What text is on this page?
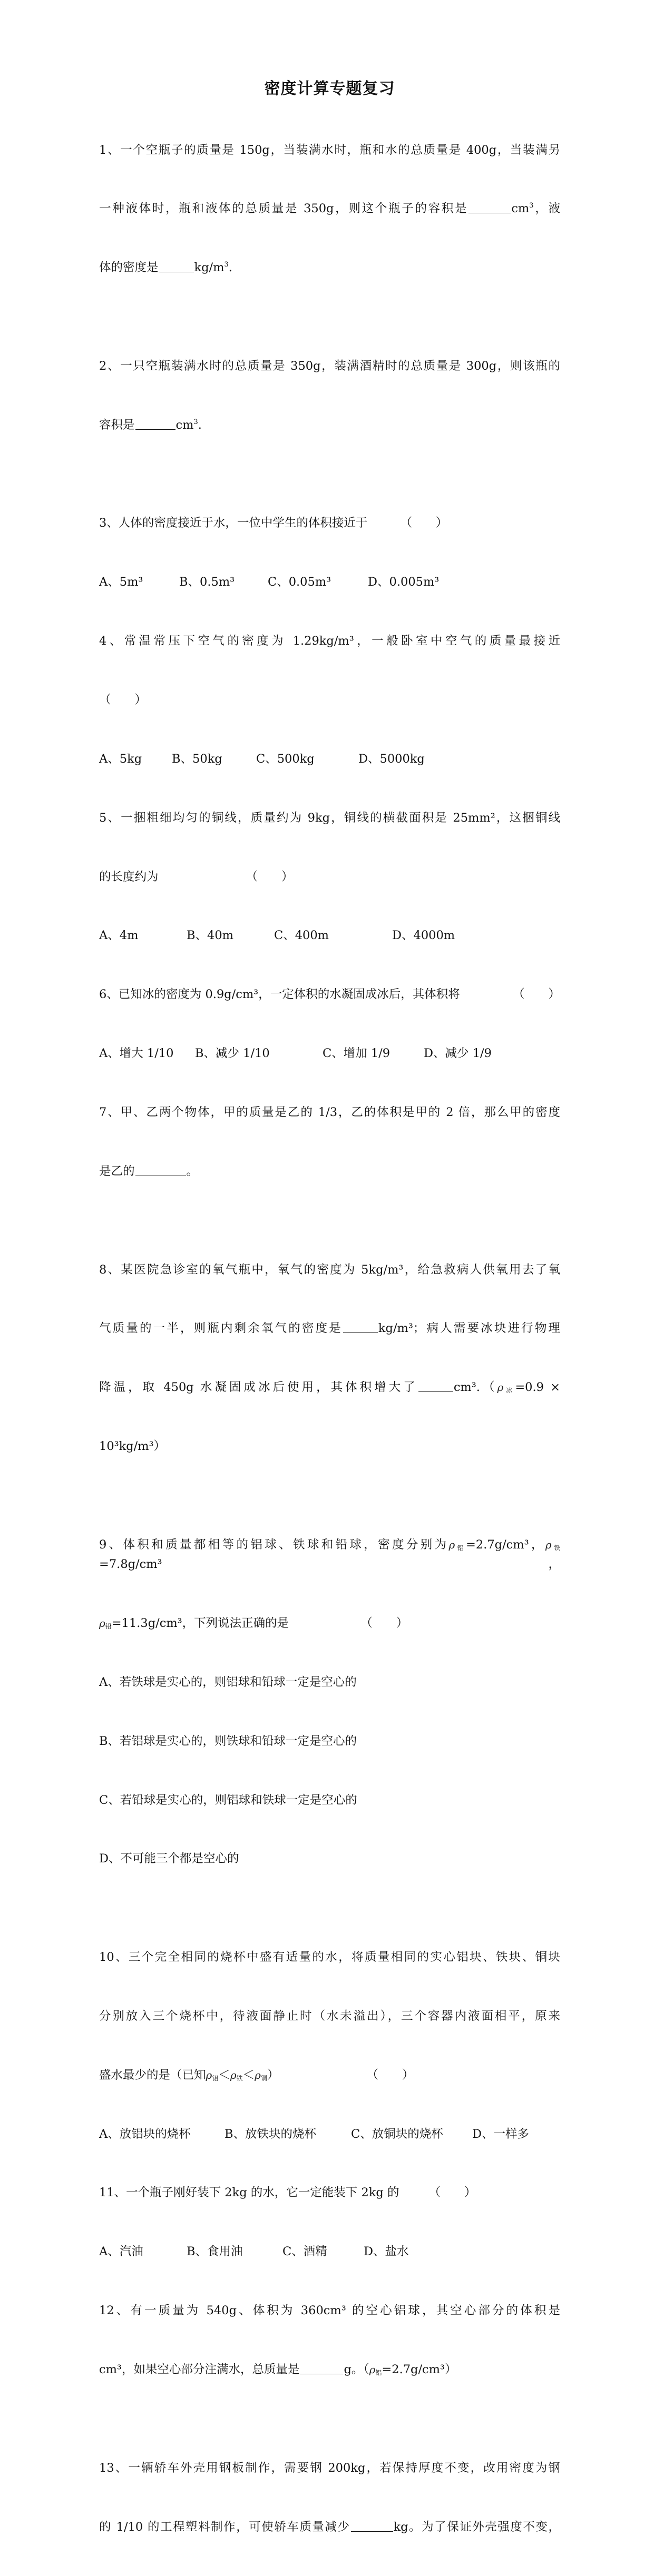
密度计算专题复习

1、一个空瓶子的质量是 150g，当装满水时，瓶和水的总质量是 400g，当装满另

一种液体时，瓶和液体的总质量是 350g，则这个瓶子的容积是	$cm^3$，液

体的密度是	$kg/m^3$.

2、一只空瓶装满水时的总质量是 350g，装满酒精时的总质量是 300g，则该瓶的

容积是	$cm^3$.

3、人体的密度接近于水，一位中学生的体积接近于	（　　）

A、5m³	B、0.5m³	C、0.05m³	D、0.005m³

4、常温常压下空气的密度为 1.29kg/m³，一般卧室中空气的质量最接近

（　　）

A、5kg	B、50kg	C、500kg	D、5000kg

5、一捆粗细均匀的铜线，质量约为 9kg，铜线的横截面积是 25mm²，这捆铜线

的长度约为	（　　）

A、4m	B、40m	C、400m	D、4000m

6、已知冰的密度为 0.9g/cm³，一定体积的水凝固成冰后，其体积将	（　　）

A、增大 1/10	B、减少 1/10	C、增加 1/9	D、减少 1/9

7、甲、乙两个物体，甲的质量是乙的 1/3，乙的体积是甲的 2 倍，那么甲的密度

是乙的	。

8、某医院急诊室的氧气瓶中，氧气的密度为 5kg/m³，给急救病人供氧用去了氧

气质量的一半，则瓶内剩余氧气的密度是	kg/m³；病人需要冰块进行物理

降温，取 450g 水凝固成冰后使用，其体积增大了	$cm^3.(\rho_冰=0.9$ ×

10³kg/m³）

9、体积和质量都相等的铝球、铁球和铅球，密度分别为$\rho_铝=2.7g$/cm³，$\rho_铁=7.8g$/cm³，

$\rho_铅=11.3g$/cm³，下列说法正确的是	（　　）

A、若铁球是实心的，则铝球和铅球一定是空心的

B、若铝球是实心的，则铁球和铅球一定是空心的

C、若铅球是实心的，则铝球和铁球一定是空心的

D、不可能三个都是空心的

10、三个完全相同的烧杯中盛有适量的水，将质量相同的实心铝块、铁块、铜块

分别放入三个烧杯中，待液面静止时（水未溢出），三个容器内液面相平，原来

盛水最少的是（已知$\rho_铝<\rho_铁<\rho_铜$）	（　　）

A、放铝块的烧杯	B、放铁块的烧杯	C、放铜块的烧杯	D、一样多

11、一个瓶子刚好装下 2kg 的水，它一定能装下 2kg 的 （　　）

A、汽油	B、食用油	C、酒精	D、盐水

12、有一质量为 540g、体积为 360cm³ 的空心铝球，其空心部分的体积是

cm³，如果空心部分注满水，总质量是	g。$(\rho_铝=2.7g/cm^3)$

13、一辆轿车外壳用钢板制作，需要钢 200kg，若保持厚度不变，改用密度为钢

的 1/10 的工程塑料制作，可使轿车质量减少	kg。为了保证外壳强度不变，
